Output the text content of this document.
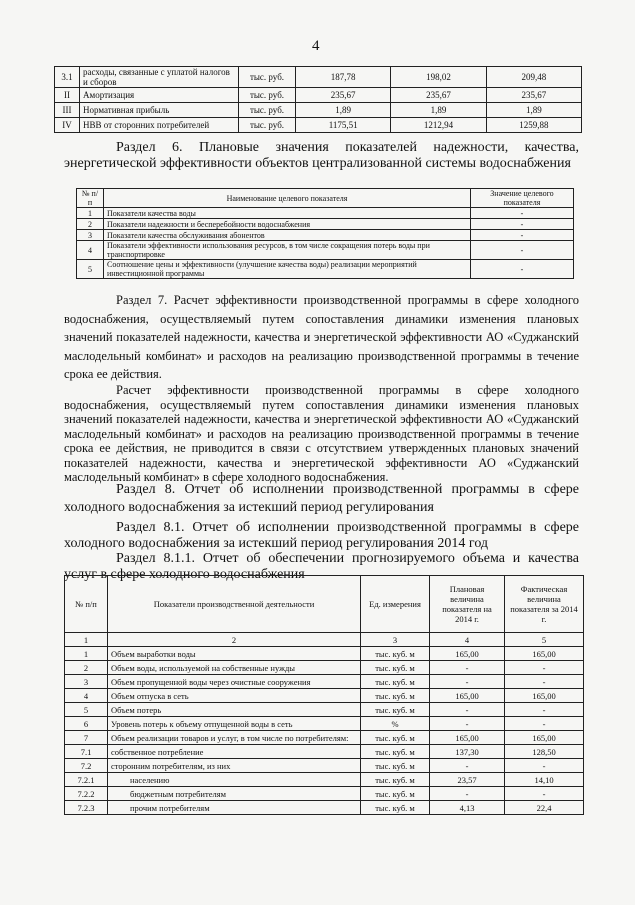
4
3.1	расходы, связанные с уплатой налогов и сборов	тыс. руб.	187,78	198,02	209,48
II	Амортизация	тыс. руб.	235,67	235,67	235,67
III	Нормативная прибыль	тыс. руб.	1,89	1,89	1,89
IV	НВВ от сторонних потребителей	тыс. руб.	1175,51	1212,94	1259,88
Раздел 6. Плановые значения показателей надежности, качества, энергетической эффективности объектов централизованной системы водоснабжения
№ п/п	Наименование целевого показателя	Значение целевого показателя
1	Показатели качества воды	-
2	Показатели надежности и бесперебойности водоснабжения	-
3	Показатели качества обслуживания абонентов	-
4	Показатели эффективности использования ресурсов, в том числе сокращения потерь воды при транспортировке	-
5	Соотношение цены и эффективности (улучшение качества воды) реализации мероприятий инвестиционной программы	-
Раздел 7. Расчет эффективности производственной программы в сфере холодного водоснабжения, осуществляемый путем сопоставления динамики изменения плановых значений показателей надежности, качества и энергетической эффективности АО «Суджанский маслодельный комбинат» и расходов на реализацию производственной программы в течение срока ее действия.
Расчет эффективности производственной программы в сфере холодного водоснабжения, осуществляемый путем сопоставления динамики изменения плановых значений показателей надежности, качества и энергетической эффективности АО «Суджанский маслодельный комбинат» и расходов на реализацию производственной программы в течение срока ее действия, не приводится в связи с отсутствием утвержденных плановых значений показателей надежности, качества и энергетической эффективности АО «Суджанский маслодельный комбинат» в сфере холодного водоснабжения.
Раздел 8. Отчет об исполнении производственной программы в сфере холодного водоснабжения за истекший период регулирования
Раздел 8.1. Отчет об исполнении производственной программы в сфере холодного водоснабжения за истекший период регулирования 2014 год
Раздел 8.1.1. Отчет об обеспечении прогнозируемого объема и качества услуг в сфере холодного водоснабжения
№ п/п	Показатели производственной деятельности	Ед. измерения	Плановая величина показателя на 2014 г.	Фактическая величина показателя за 2014 г.
1	2	3	4	5
1	Объем выработки воды	тыс. куб. м	165,00	165,00
2	Объем воды, используемой на собственные нужды	тыс. куб. м	-	-
3	Объем пропущенной воды через очистные сооружения	тыс. куб. м	-	-
4	Объем отпуска в сеть	тыс. куб. м	165,00	165,00
5	Объем потерь	тыс. куб. м	-	-
6	Уровень потерь к объему отпущенной воды в сеть	%	-	-
7	Объем реализации товаров и услуг, в том числе по потребителям:	тыс. куб. м	165,00	165,00
7.1	собственное потребление	тыс. куб. м	137,30	128,50
7.2	сторонним потребителям, из них	тыс. куб. м	-	-
7.2.1	населению	тыс. куб. м	23,57	14,10
7.2.2	бюджетным потребителям	тыс. куб. м	-	-
7.2.3	прочим потребителям	тыс. куб. м	4,13	22,4
